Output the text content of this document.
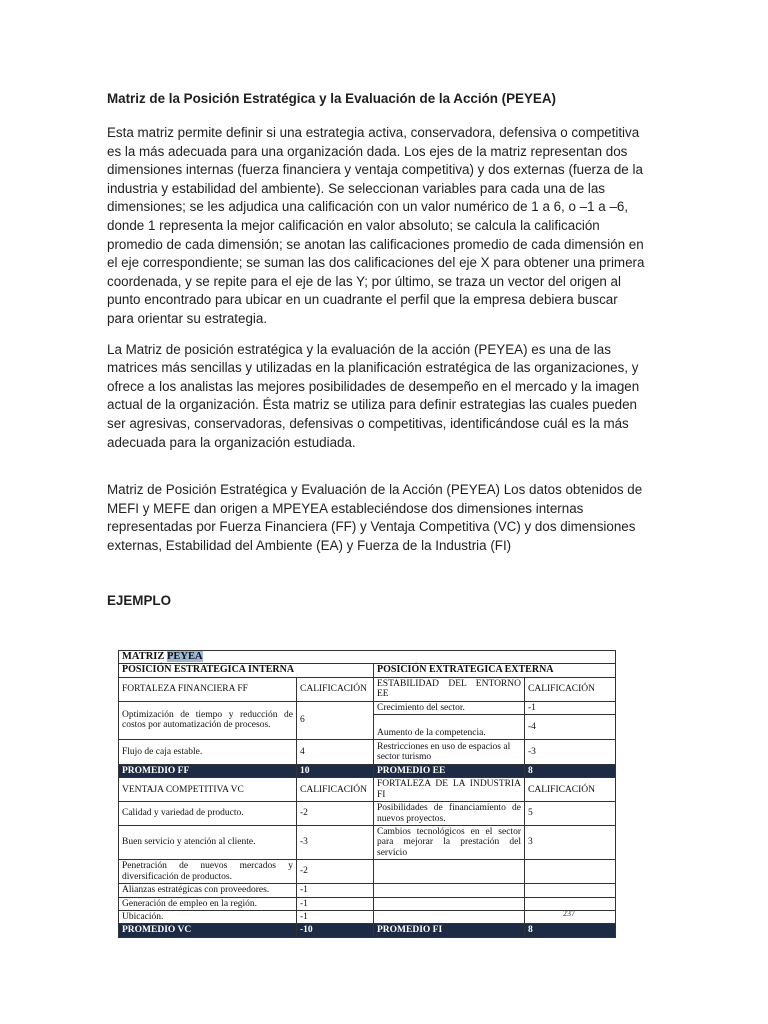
Matriz de la Posición Estratégica y la Evaluación de la Acción (PEYEA)

Esta matriz permite definir si una estrategia activa, conservadora, defensiva o competitiva es la más adecuada para una organización dada. Los ejes de la matriz representan dos dimensiones internas (fuerza financiera y ventaja competitiva) y dos externas (fuerza de la industria y estabilidad del ambiente). Se seleccionan variables para cada una de las dimensiones; se les adjudica una calificación con un valor numérico de 1 a 6, o –1 a –6, donde 1 representa la mejor calificación en valor absoluto; se calcula la calificación promedio de cada dimensión; se anotan las calificaciones promedio de cada dimensión en el eje correspondiente; se suman las dos calificaciones del eje X para obtener una primera coordenada, y se repite para el eje de las Y; por último, se traza un vector del origen al punto encontrado para ubicar en un cuadrante el perfil que la empresa debiera buscar para orientar su estrategia.

La Matriz de posición estratégica y la evaluación de la acción (PEYEA) es una de las matrices más sencillas y utilizadas en la planificación estratégica de las organizaciones, y ofrece a los analistas las mejores posibilidades de desempeño en el mercado y la imagen actual de la organización. Ésta matriz se utiliza para definir estrategias las cuales pueden ser agresivas, conservadoras, defensivas o competitivas, identificándose cuál es la más adecuada para la organización estudiada.

Matriz de Posición Estratégica y Evaluación de la Acción (PEYEA) Los datos obtenidos de MEFI y MEFE dan origen a MPEYEA estableciéndose dos dimensiones internas representadas por Fuerza Financiera (FF) y Ventaja Competitiva (VC) y dos dimensiones externas, Estabilidad del Ambiente (EA) y Fuerza de la Industria (FI)

EJEMPLO
MATRIZ PEYEA			
POSICIÓN ESTRATEGICA INTERNA		POSICIÓN EXTRATEGICA EXTERNA	
FORTALEZA FINANCIERA FF	CALIFICACIÓN	ESTABILIDAD DEL ENTORNO EE	CALIFICACIÓN
Optimización de tiempo y reducción de costos por automatización de procesos.	6	Crecimiento del sector.	-1
		Aumento de la competencia.	-4
Flujo de caja estable.	4	Restricciones en uso de espacios al sector turismo	-3
PROMEDIO FF	10	PROMEDIO EE	8
VENTAJA COMPETITIVA VC	CALIFICACIÓN	FORTALEZA DE LA INDUSTRIA FI	CALIFICACIÓN
Calidad y variedad de producto.	-2	Posibilidades de financiamiento de nuevos proyectos.	5
Buen servicio y atención al cliente.	-3	Cambios tecnológicos en el sector para mejorar la prestación del servicio	3
Penetración de nuevos mercados y diversificación de productos.	-2		
Alianzas estratégicas con proveedores.	-1		
Generación de empleo en la región.	-1		
Ubicación.	-1		
PROMEDIO VC	-10	PROMEDIO FI	8
237
